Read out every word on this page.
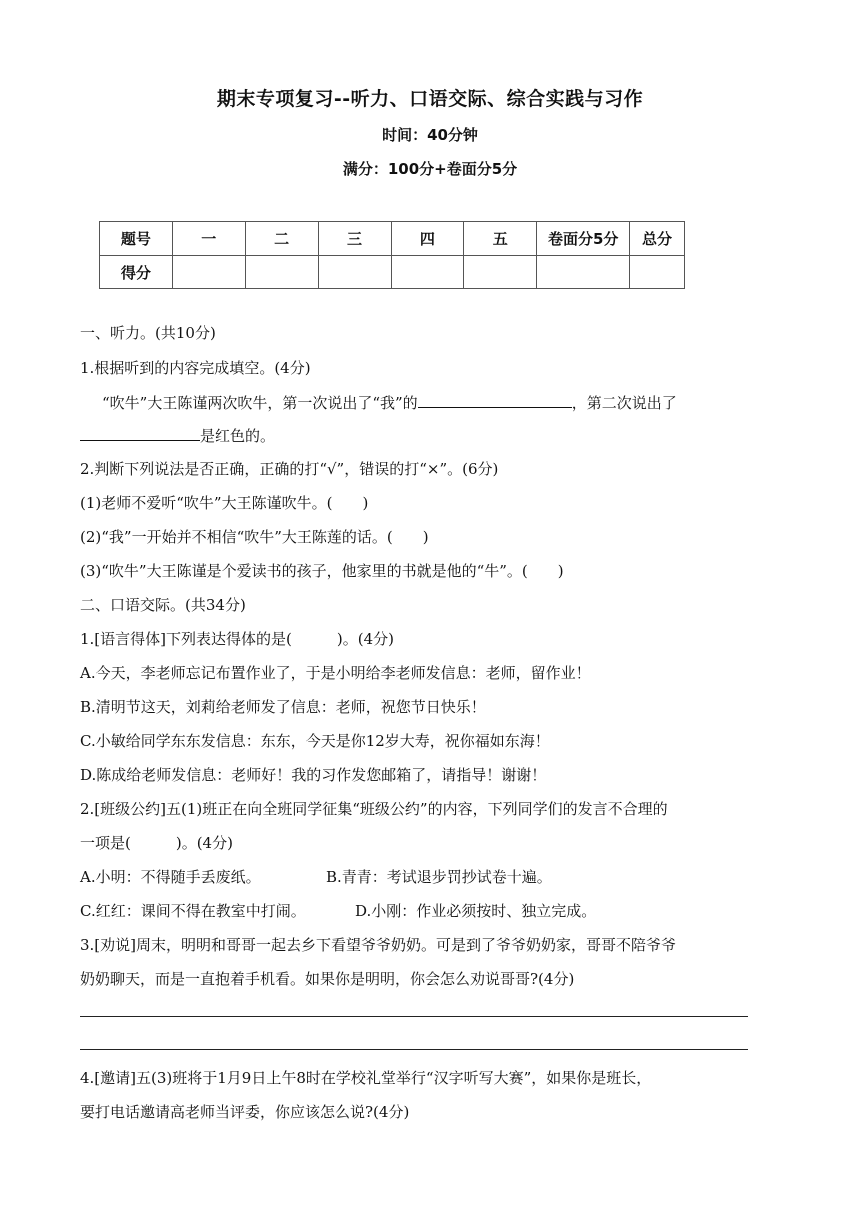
期末专项复习--听力、口语交际、综合实践与习作
时间：40分钟
满分：100分+卷面分5分
题号	一	二	三	四	五	卷面分5分	总分
得分							
一、听力。(共10分)
1.根据听到的内容完成填空。(4分)
“吹牛”大王陈谨两次吹牛，第一次说出了“我”的	，第二次说出了
是红色的。
2.判断下列说法是否正确，正确的打“√”，错误的打“×”。(6分)
(1)老师不爱听“吹牛”大王陈谨吹牛。(　　)
(2)“我”一开始并不相信“吹牛”大王陈莲的话。(　　)
(3)“吹牛”大王陈谨是个爱读书的孩子，他家里的书就是他的“牛”。(　　)
二、口语交际。(共34分)
1.[语言得体]下列表达得体的是(　　　)。(4分)
A.今天，李老师忘记布置作业了，于是小明给李老师发信息：老师，留作业！
B.清明节这天，刘莉给老师发了信息：老师，祝您节日快乐！
C.小敏给同学东东发信息：东东，今天是你12岁大寿，祝你福如东海！
D.陈成给老师发信息：老师好！我的习作发您邮箱了，请指导！谢谢！
2.[班级公约]五(1)班正在向全班同学征集“班级公约”的内容，下列同学们的发言不合理的
一项是(　　　)。(4分)
A.小明：不得随手丢废纸。	B.青青：考试退步罚抄试卷十遍。
C.红红：课间不得在教室中打闹。	D.小刚：作业必须按时、独立完成。
3.[劝说]周末，明明和哥哥一起去乡下看望爷爷奶奶。可是到了爷爷奶奶家，哥哥不陪爷爷
奶奶聊天，而是一直抱着手机看。如果你是明明，你会怎么劝说哥哥?(4分)
4.[邀请]五(3)班将于1月9日上午8时在学校礼堂举行“汉字听写大赛”，如果你是班长，
要打电话邀请高老师当评委，你应该怎么说?(4分)
